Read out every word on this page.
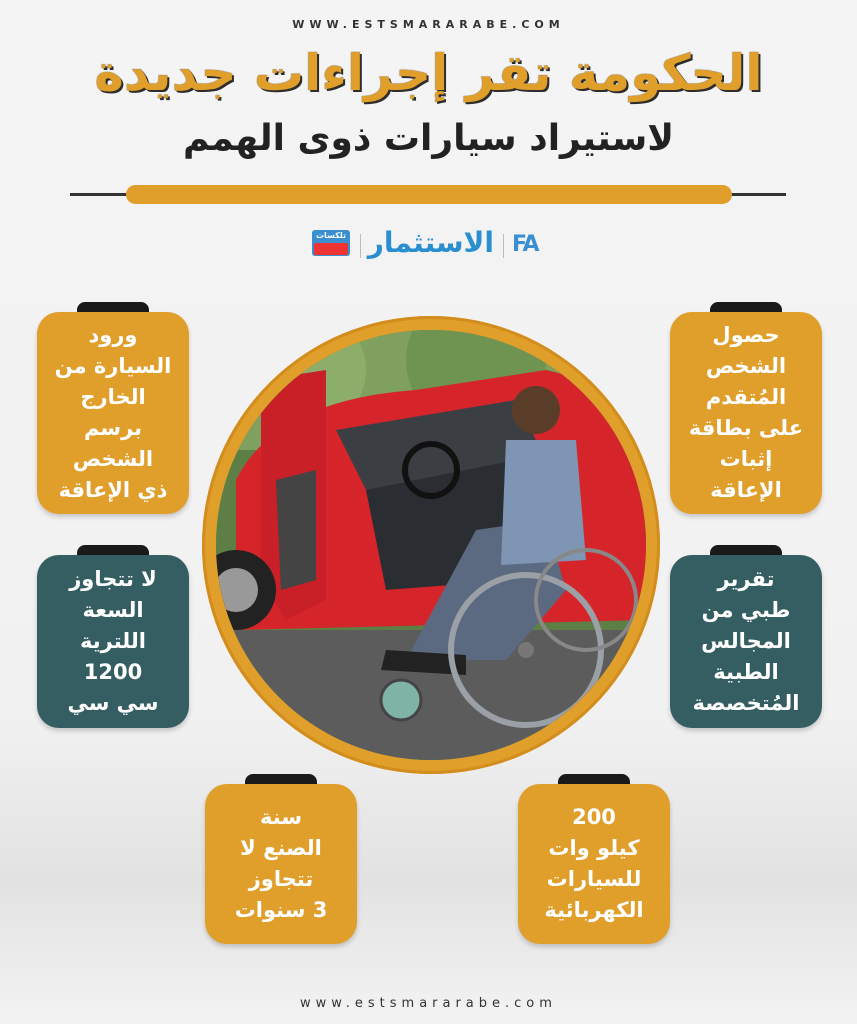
WWW.ESTSMARARABE.COM
الحكومة تقر إجراءات جديدة
لاستيراد سيارات ذوى الهمم
FA
الاستثمار
تلكسات

حصول
الشخص
المُتقدم
على بطاقة
إثبات
الإعاقة
ورود
السيارة من
الخارج
برسم
الشخص
ذي الإعاقة
تقرير
طبي من
المجالس
الطبية
المُتخصصة
لا تتجاوز
السعة
اللترية
1200
سي سي
200
كيلو وات
للسيارات
الكهربائية
سنة
الصنع لا
تتجاوز
3 سنوات
www.estsmararabe.com
